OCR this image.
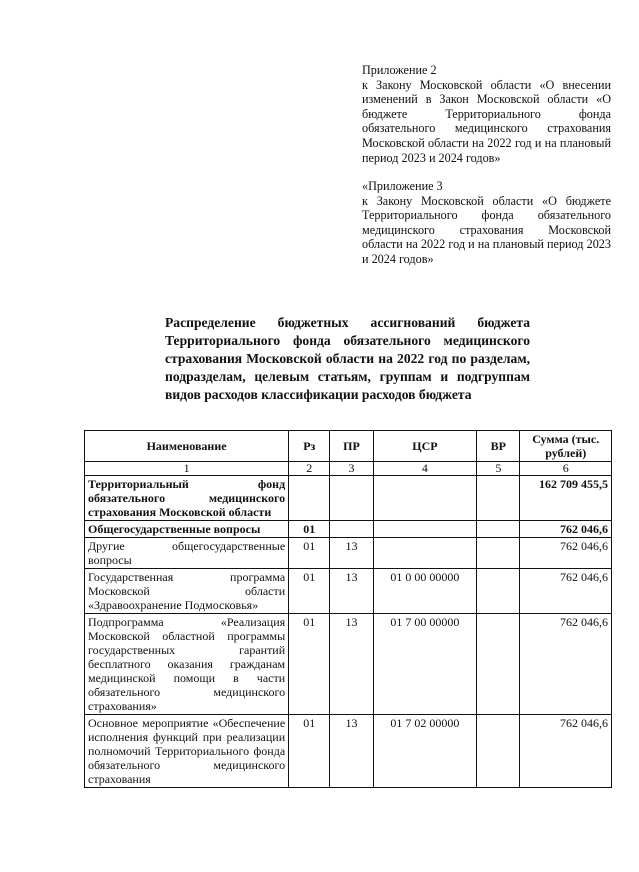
Приложение 2
к Закону Московской области «О внесении изменений в Закон Московской области «О бюджете Территориального фонда обязательного медицинского страхования Московской области на 2022 год и на плановый период 2023 и 2024 годов»
«Приложение 3
к Закону Московской области «О бюджете Территориального фонда обязательного медицинского страхования Московской области на 2022 год и на плановый период 2023 и 2024 годов»
Распределение бюджетных ассигнований бюджета Территориального фонда обязательного медицинского страхования Московской области на 2022 год по разделам, подразделам, целевым статьям, группам и подгруппам видов расходов классификации расходов бюджета
Наименование	Рз	ПР	ЦСР	ВР	Сумма (тыс. рублей)
1	2	3	4	5	6
Территориальный фонд обязательного медицинского страхования Московской области					162 709 455,5
Общегосударственные вопросы	01				762 046,6
Другие общегосударственные вопросы	01	13			762 046,6
Государственная программа Московской области «Здравоохранение Подмосковья»	01	13	01 0 00 00000		762 046,6
Подпрограмма «Реализация Московской областной программы государственных гарантий бесплатного оказания гражданам медицинской помощи в части обязательного медицинского страхования»	01	13	01 7 00 00000		762 046,6
Основное мероприятие «Обеспечение исполнения функций при реализации полномочий Территориального фонда обязательного медицинского страхования	01	13	01 7 02 00000		762 046,6
